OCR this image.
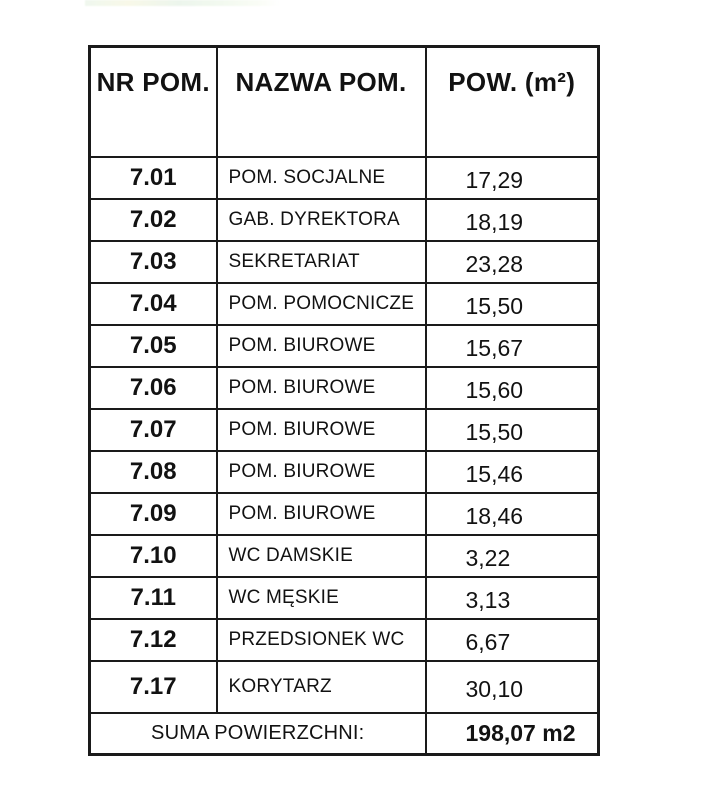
NR POM.	NAZWA POM.	POW. (m²)
7.01	POM. SOCJALNE	17,29
7.02	GAB. DYREKTORA	18,19
7.03	SEKRETARIAT	23,28
7.04	POM. POMOCNICZE	15,50
7.05	POM. BIUROWE	15,67
7.06	POM. BIUROWE	15,60
7.07	POM. BIUROWE	15,50
7.08	POM. BIUROWE	15,46
7.09	POM. BIUROWE	18,46
7.10	WC DAMSKIE	3,22
7.11	WC MĘSKIE	3,13
7.12	PRZEDSIONEK WC	6,67
7.17	KORYTARZ	30,10
SUMA POWIERZCHNI:		198,07 m2
